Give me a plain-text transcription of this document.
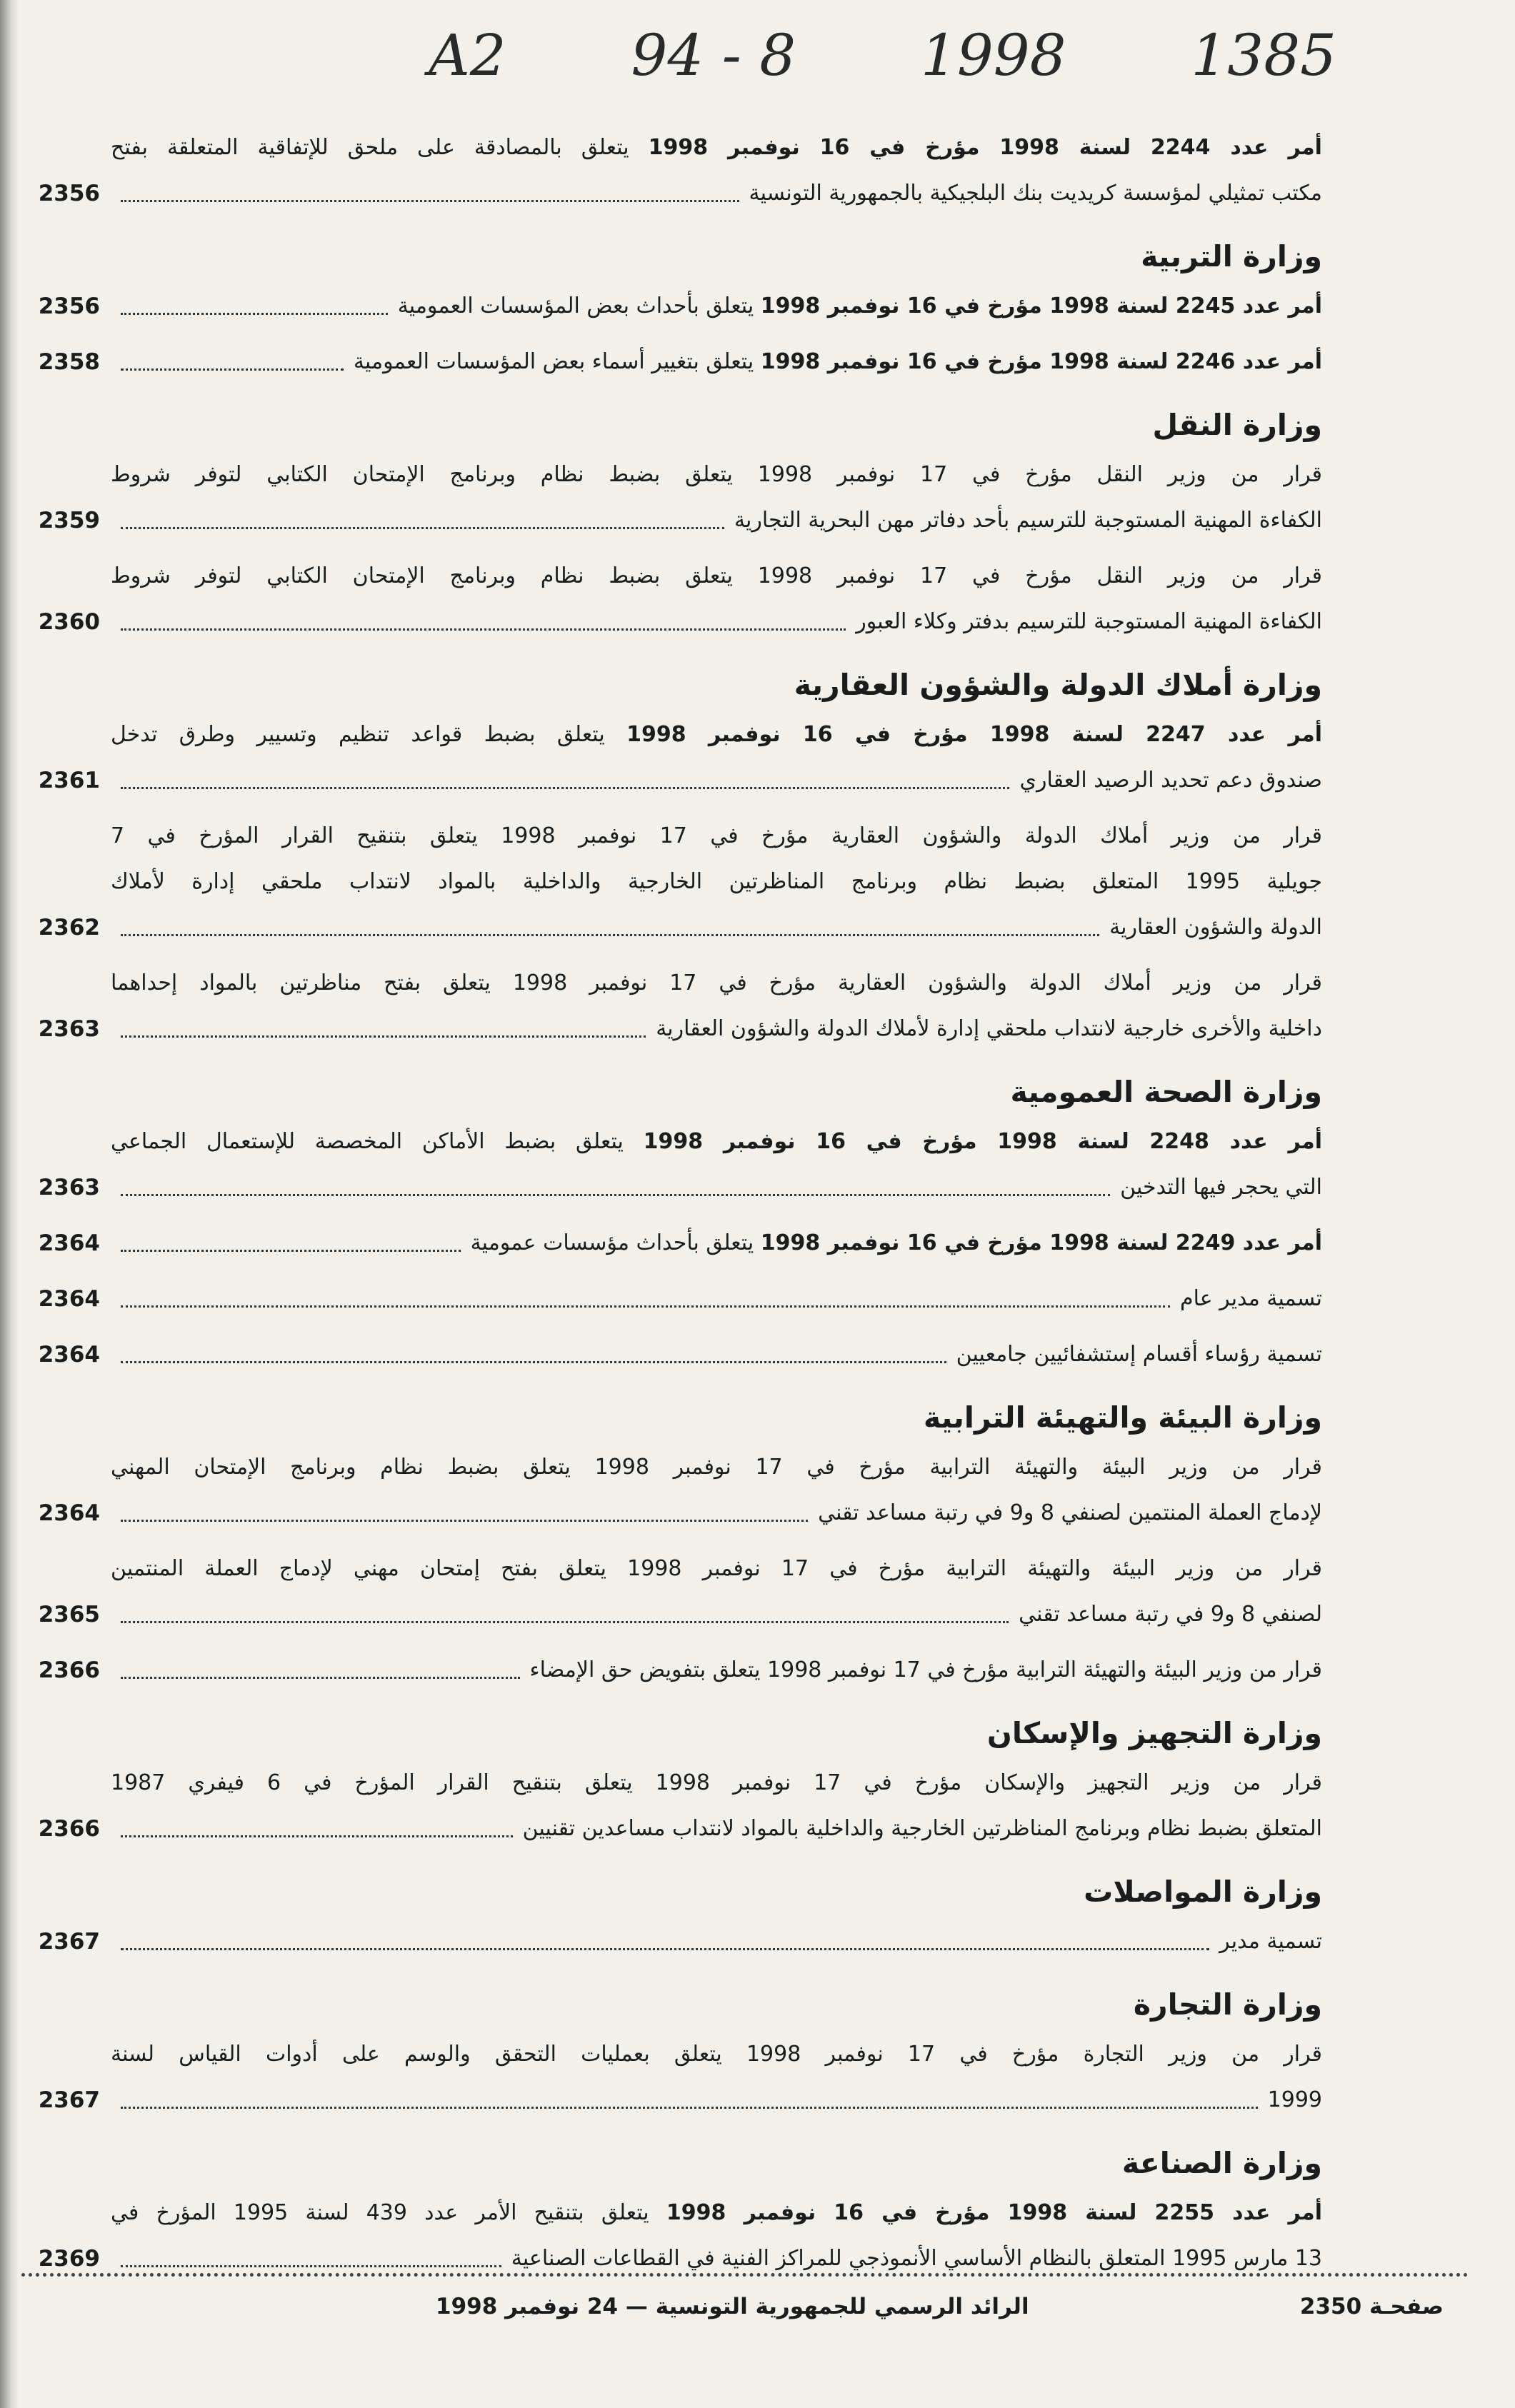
A2 94 - 8 1998 1385
أمر عدد 2244 لسنة 1998 مؤرخ في 16 نوفمبر 1998 يتعلق بالمصادقة على ملحق للإتفاقية المتعلقة بفتح
مكتب تمثيلي لمؤسسة كريديت بنك البلجيكية بالجمهورية التونسية
2356
وزارة التربية
أمر عدد 2245 لسنة 1998 مؤرخ في 16 نوفمبر 1998 يتعلق بأحداث بعض المؤسسات العمومية
2356
أمر عدد 2246 لسنة 1998 مؤرخ في 16 نوفمبر 1998 يتعلق بتغيير أسماء بعض المؤسسات العمومية
2358
وزارة النقل
قرار من وزير النقل مؤرخ في 17 نوفمبر 1998 يتعلق بضبط نظام وبرنامج الإمتحان الكتابي لتوفر شروط
الكفاءة المهنية المستوجبة للترسيم بأحد دفاتر مهن البحرية التجارية
2359
قرار من وزير النقل مؤرخ في 17 نوفمبر 1998 يتعلق بضبط نظام وبرنامج الإمتحان الكتابي لتوفر شروط
الكفاءة المهنية المستوجبة للترسيم بدفتر وكلاء العبور
2360
وزارة أملاك الدولة والشؤون العقارية
أمر عدد 2247 لسنة 1998 مؤرخ في 16 نوفمبر 1998 يتعلق بضبط قواعد تنظيم وتسيير وطرق تدخل
صندوق دعم تحديد الرصيد العقاري
2361
قرار من وزير أملاك الدولة والشؤون العقارية مؤرخ في 17 نوفمبر 1998 يتعلق بتنقيح القرار المؤرخ في 7
جويلية 1995 المتعلق بضبط نظام وبرنامج المناظرتين الخارجية والداخلية بالمواد لانتداب ملحقي إدارة لأملاك
الدولة والشؤون العقارية
2362
قرار من وزير أملاك الدولة والشؤون العقارية مؤرخ في 17 نوفمبر 1998 يتعلق بفتح مناظرتين بالمواد إحداهما
داخلية والأخرى خارجية لانتداب ملحقي إدارة لأملاك الدولة والشؤون العقارية
2363
وزارة الصحة العمومية
أمر عدد 2248 لسنة 1998 مؤرخ في 16 نوفمبر 1998 يتعلق بضبط الأماكن المخصصة للإستعمال الجماعي
التي يحجر فيها التدخين
2363
أمر عدد 2249 لسنة 1998 مؤرخ في 16 نوفمبر 1998 يتعلق بأحداث مؤسسات عمومية
2364
تسمية مدير عام
2364
تسمية رؤساء أقسام إستشفائيين جامعيين
2364
وزارة البيئة والتهيئة الترابية
قرار من وزير البيئة والتهيئة الترابية مؤرخ في 17 نوفمبر 1998 يتعلق بضبط نظام وبرنامج الإمتحان المهني
لإدماج العملة المنتمين لصنفي 8 و9 في رتبة مساعد تقني
2364
قرار من وزير البيئة والتهيئة الترابية مؤرخ في 17 نوفمبر 1998 يتعلق بفتح إمتحان مهني لإدماج العملة المنتمين
لصنفي 8 و9 في رتبة مساعد تقني
2365
قرار من وزير البيئة والتهيئة الترابية مؤرخ في 17 نوفمبر 1998 يتعلق بتفويض حق الإمضاء
2366
وزارة التجهيز والإسكان
قرار من وزير التجهيز والإسكان مؤرخ في 17 نوفمبر 1998 يتعلق بتنقيح القرار المؤرخ في 6 فيفري 1987
المتعلق بضبط نظام وبرنامج المناظرتين الخارجية والداخلية بالمواد لانتداب مساعدين تقنيين
2366
وزارة المواصلات
تسمية مدير
2367
وزارة التجارة
قرار من وزير التجارة مؤرخ في 17 نوفمبر 1998 يتعلق بعمليات التحقق والوسم على أدوات القياس لسنة
1999
2367
وزارة الصناعة
أمر عدد 2255 لسنة 1998 مؤرخ في 16 نوفمبر 1998 يتعلق بتنقيح الأمر عدد 439 لسنة 1995 المؤرخ في
13 مارس 1995 المتعلق بالنظام الأساسي الأنموذجي للمراكز الفنية في القطاعات الصناعية
2369
الرائد الرسمي للجمهورية التونسية — 24 نوفمبر 1998	صفحـة 2350
